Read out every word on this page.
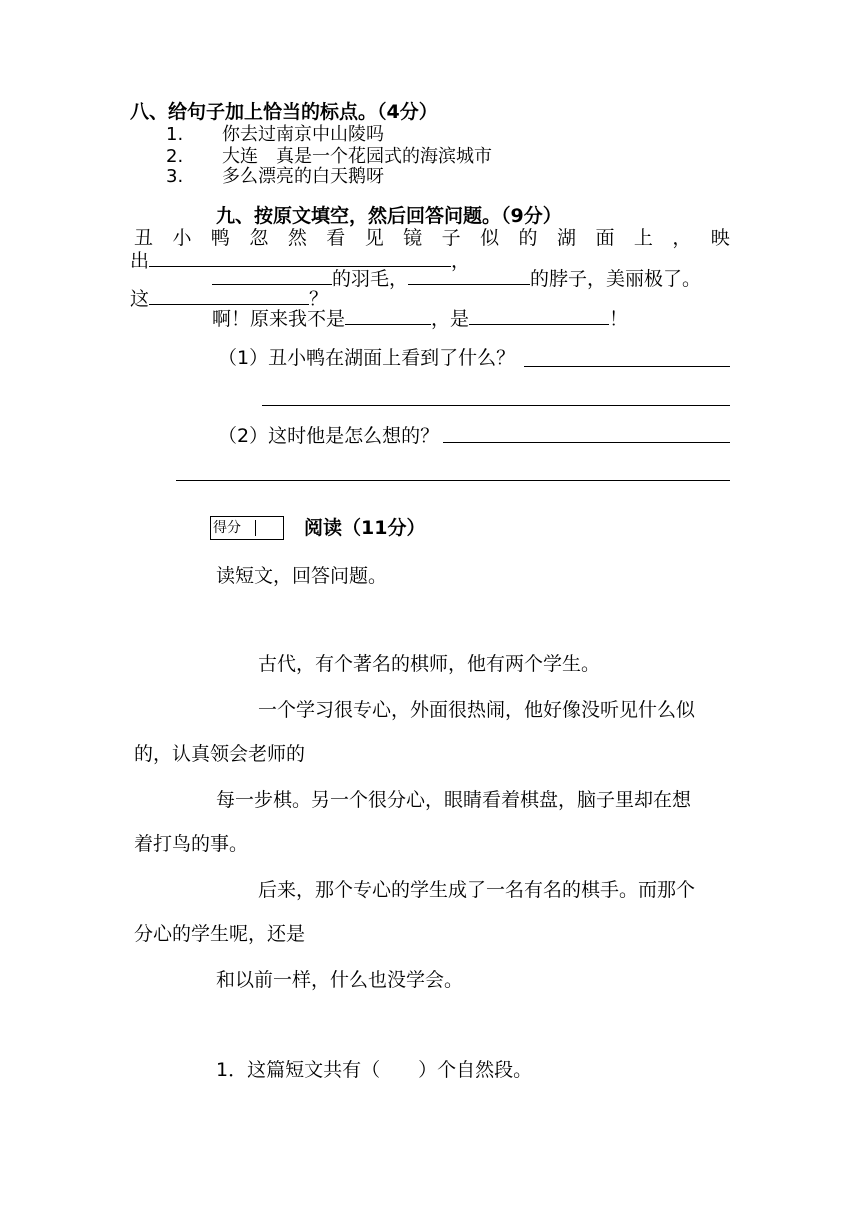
八、给句子加上恰当的标点。（4分）
1. 你去过南京中山陵吗
2. 大连　真是一个花园式的海滨城市
3. 多么漂亮的白天鹅呀
九、按原文填空，然后回答问题。（9分）
丑 小 鸭 忽 然 看 见 镜 子 似 的 湖 面 上 ， 映
出	，
的羽毛，	的脖子，美丽极了。
这	？
啊！原来我不是	，是	！
（1）丑小鸭在湖面上看到了什么？
（2）这时他是怎么想的？
得分	阅读（11分）
读短文，回答问题。
古代，有个著名的棋师，他有两个学生。
一个学习很专心，外面很热闹，他好像没听见什么似
的，认真领会老师的
每一步棋。另一个很分心，眼睛看着棋盘，脑子里却在想
着打鸟的事。
后来，那个专心的学生成了一名有名的棋手。而那个
分心的学生呢，还是
和以前一样，什么也没学会。
1．这篇短文共有（　　）个自然段。
